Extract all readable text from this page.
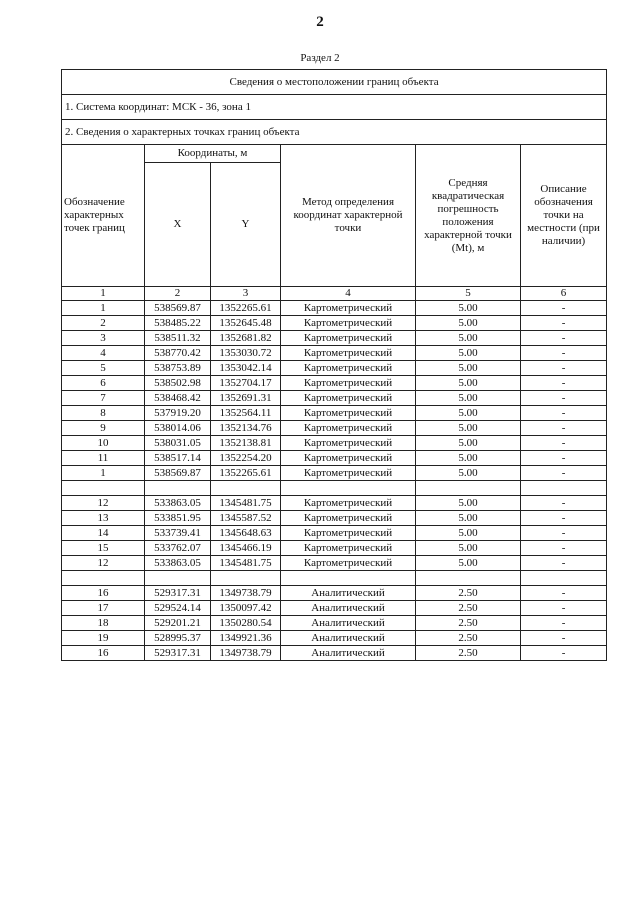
2
Раздел 2
Сведения о местоположении границ объекта					
1. Система координат: МСК - 36, зона 1					
2. Сведения о характерных точках границ объекта					
Обозначение характерных точек границ	Координаты, м		Метод определения координат характерной точки	Средняя квадратическая погрешность положения характерной точки (Mt), м	Описание обозначения точки на местности (при наличии)
	X	Y			
1	2	3	4	5	6
1	538569.87	1352265.61	Картометрический	5.00	-
2	538485.22	1352645.48	Картометрический	5.00	-
3	538511.32	1352681.82	Картометрический	5.00	-
4	538770.42	1353030.72	Картометрический	5.00	-
5	538753.89	1353042.14	Картометрический	5.00	-
6	538502.98	1352704.17	Картометрический	5.00	-
7	538468.42	1352691.31	Картометрический	5.00	-
8	537919.20	1352564.11	Картометрический	5.00	-
9	538014.06	1352134.76	Картометрический	5.00	-
10	538031.05	1352138.81	Картометрический	5.00	-
11	538517.14	1352254.20	Картометрический	5.00	-
1	538569.87	1352265.61	Картометрический	5.00	-

12	533863.05	1345481.75	Картометрический	5.00	-
13	533851.95	1345587.52	Картометрический	5.00	-
14	533739.41	1345648.63	Картометрический	5.00	-
15	533762.07	1345466.19	Картометрический	5.00	-
12	533863.05	1345481.75	Картометрический	5.00	-

16	529317.31	1349738.79	Аналитический	2.50	-
17	529524.14	1350097.42	Аналитический	2.50	-
18	529201.21	1350280.54	Аналитический	2.50	-
19	528995.37	1349921.36	Аналитический	2.50	-
16	529317.31	1349738.79	Аналитический	2.50	-
